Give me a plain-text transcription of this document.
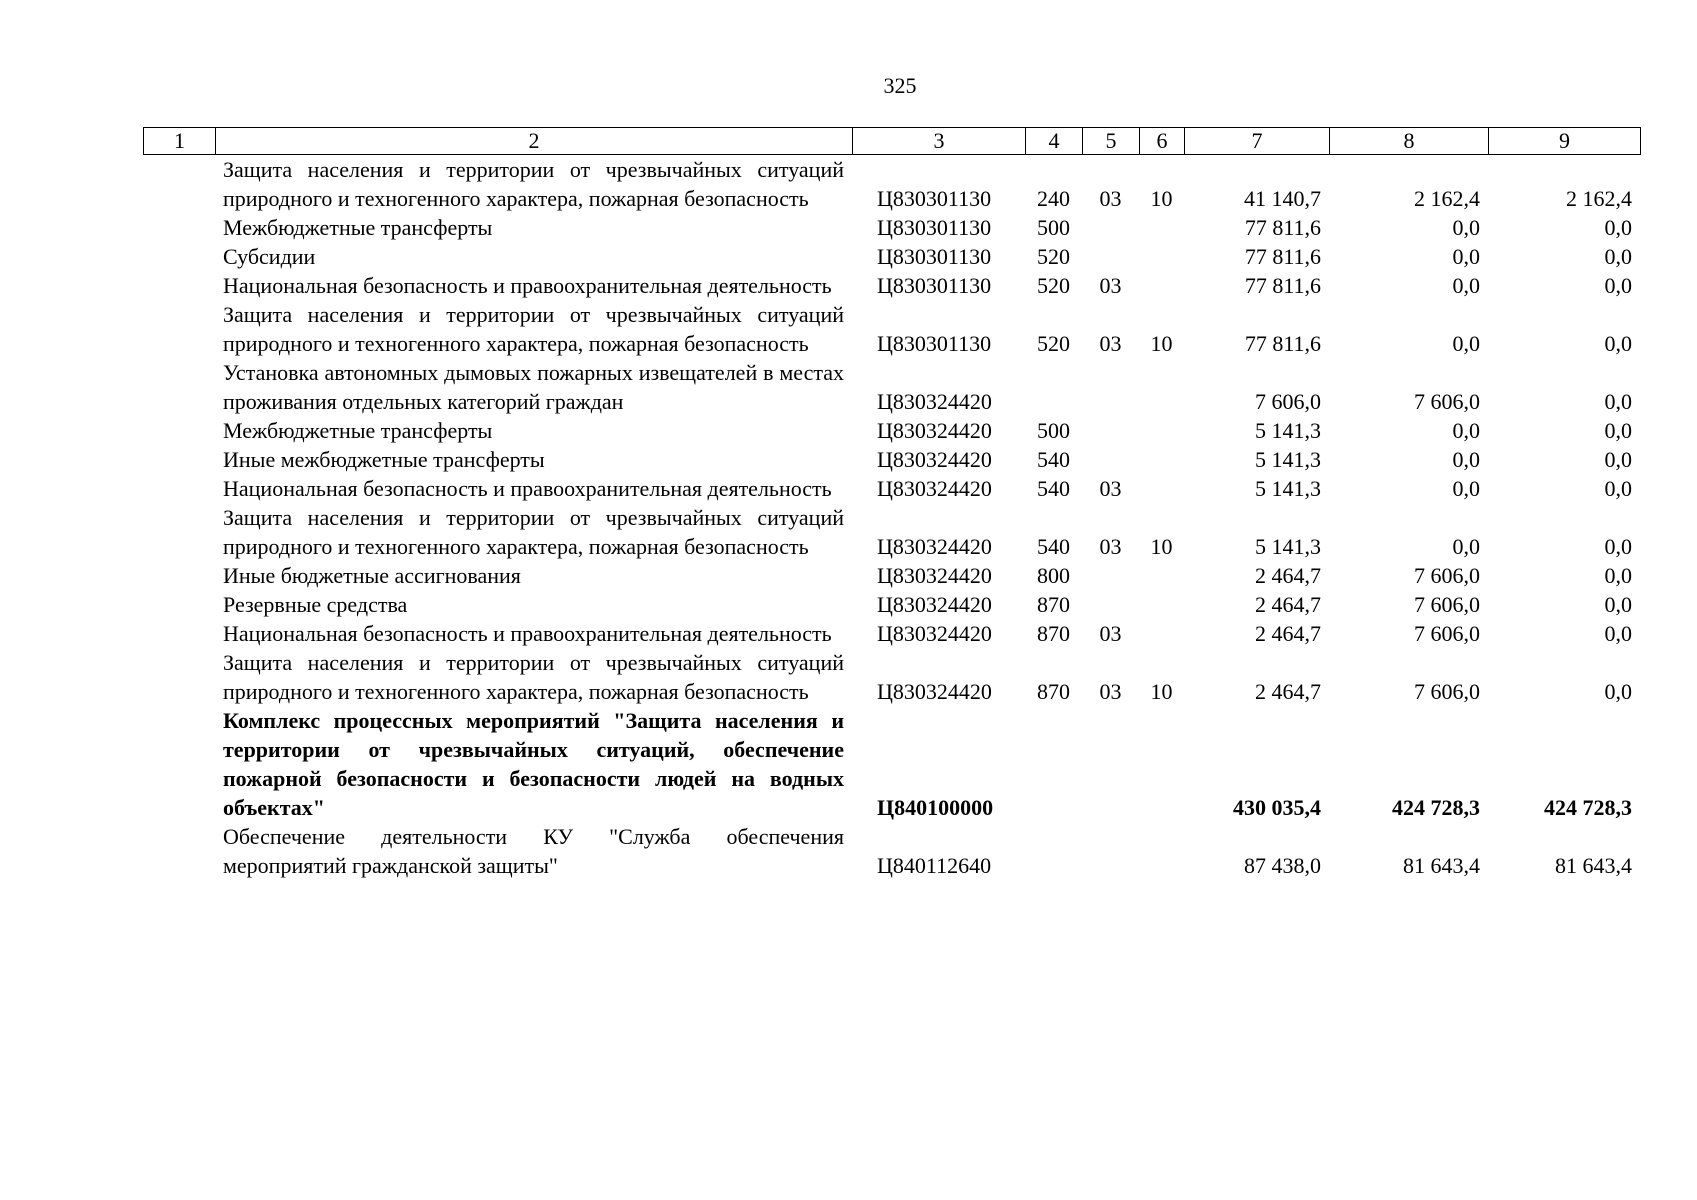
325
1	2	3	4	5	6	7	8	9
	Защита населения и территории от чрезвычайных ситуаций природного и техногенного характера, пожарная безопасность	Ц830301130	240	03	10	41 140,7	2 162,4	2 162,4
	Межбюджетные трансферты	Ц830301130	500			77 811,6	0,0	0,0
	Субсидии	Ц830301130	520			77 811,6	0,0	0,0
	Национальная безопасность и правоохранительная деятельность	Ц830301130	520	03		77 811,6	0,0	0,0
	Защита населения и территории от чрезвычайных ситуаций природного и техногенного характера, пожарная безопасность	Ц830301130	520	03	10	77 811,6	0,0	0,0
	Установка автономных дымовых пожарных извещателей в местах проживания отдельных категорий граждан	Ц830324420				7 606,0	7 606,0	0,0
	Межбюджетные трансферты	Ц830324420	500			5 141,3	0,0	0,0
	Иные межбюджетные трансферты	Ц830324420	540			5 141,3	0,0	0,0
	Национальная безопасность и правоохранительная деятельность	Ц830324420	540	03		5 141,3	0,0	0,0
	Защита населения и территории от чрезвычайных ситуаций природного и техногенного характера, пожарная безопасность	Ц830324420	540	03	10	5 141,3	0,0	0,0
	Иные бюджетные ассигнования	Ц830324420	800			2 464,7	7 606,0	0,0
	Резервные средства	Ц830324420	870			2 464,7	7 606,0	0,0
	Национальная безопасность и правоохранительная деятельность	Ц830324420	870	03		2 464,7	7 606,0	0,0
	Защита населения и территории от чрезвычайных ситуаций природного и техногенного характера, пожарная безопасность	Ц830324420	870	03	10	2 464,7	7 606,0	0,0
	Комплекс процессных мероприятий "Защита населения и территории от чрезвычайных ситуаций, обеспечение пожарной безопасности и безопасности людей на водных объектах"	Ц840100000				430 035,4	424 728,3	424 728,3
	Обеспечение деятельности КУ "Служба обеспечения мероприятий гражданской защиты"	Ц840112640				87 438,0	81 643,4	81 643,4
